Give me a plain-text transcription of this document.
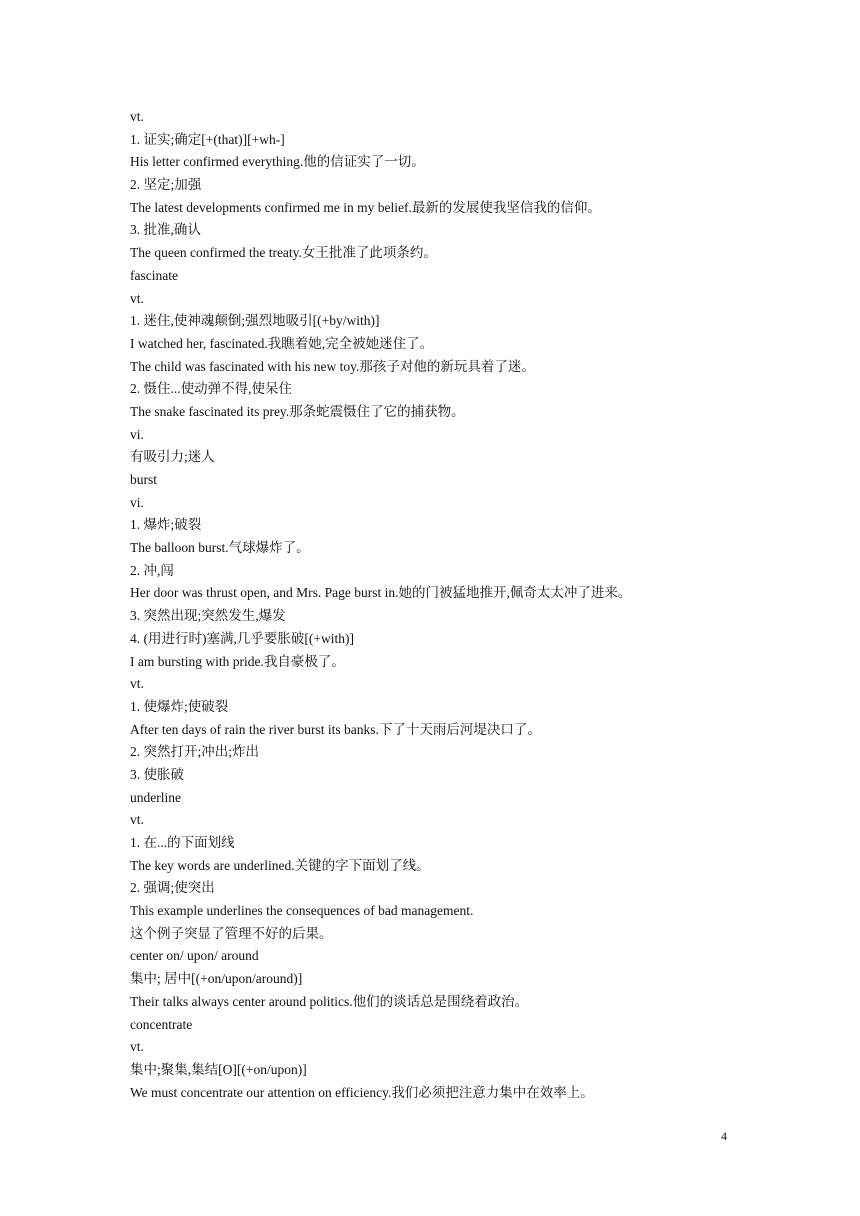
vt.
1. 证实;确定[+(that)][+wh-]
His letter confirmed everything.他的信证实了一切。
2. 坚定;加强
The latest developments confirmed me in my belief.最新的发展使我坚信我的信仰。
3. 批准,确认
The queen confirmed the treaty.女王批准了此项条约。
fascinate
vt.
1. 迷住,使神魂颠倒;强烈地吸引[(+by/with)]
I watched her, fascinated.我瞧着她,完全被她迷住了。
The child was fascinated with his new toy.那孩子对他的新玩具着了迷。
2. 慑住...使动弹不得,使呆住
The snake fascinated its prey.那条蛇震慑住了它的捕获物。
vi.
有吸引力;迷人
burst
vi.
1. 爆炸;破裂
The balloon burst.气球爆炸了。
2. 冲,闯
Her door was thrust open, and Mrs. Page burst in.她的门被猛地推开,佩奇太太冲了进来。
3. 突然出现;突然发生,爆发
4. (用进行时)塞满,几乎要胀破[(+with)]
I am bursting with pride.我自豪极了。
vt.
1. 使爆炸;使破裂
After ten days of rain the river burst its banks.下了十天雨后河堤决口了。
2. 突然打开;冲出;炸出
3. 使胀破
underline
vt.
1. 在...的下面划线
The key words are underlined.关键的字下面划了线。
2. 强调;使突出
This example underlines the consequences of bad management.
这个例子突显了管理不好的后果。
center on/ upon/ around
集中; 居中[(+on/upon/around)]
Their talks always center around politics.他们的谈话总是围绕着政治。
concentrate
vt.
集中;聚集,集结[O][(+on/upon)]
We must concentrate our attention on efficiency.我们必须把注意力集中在效率上。
4
